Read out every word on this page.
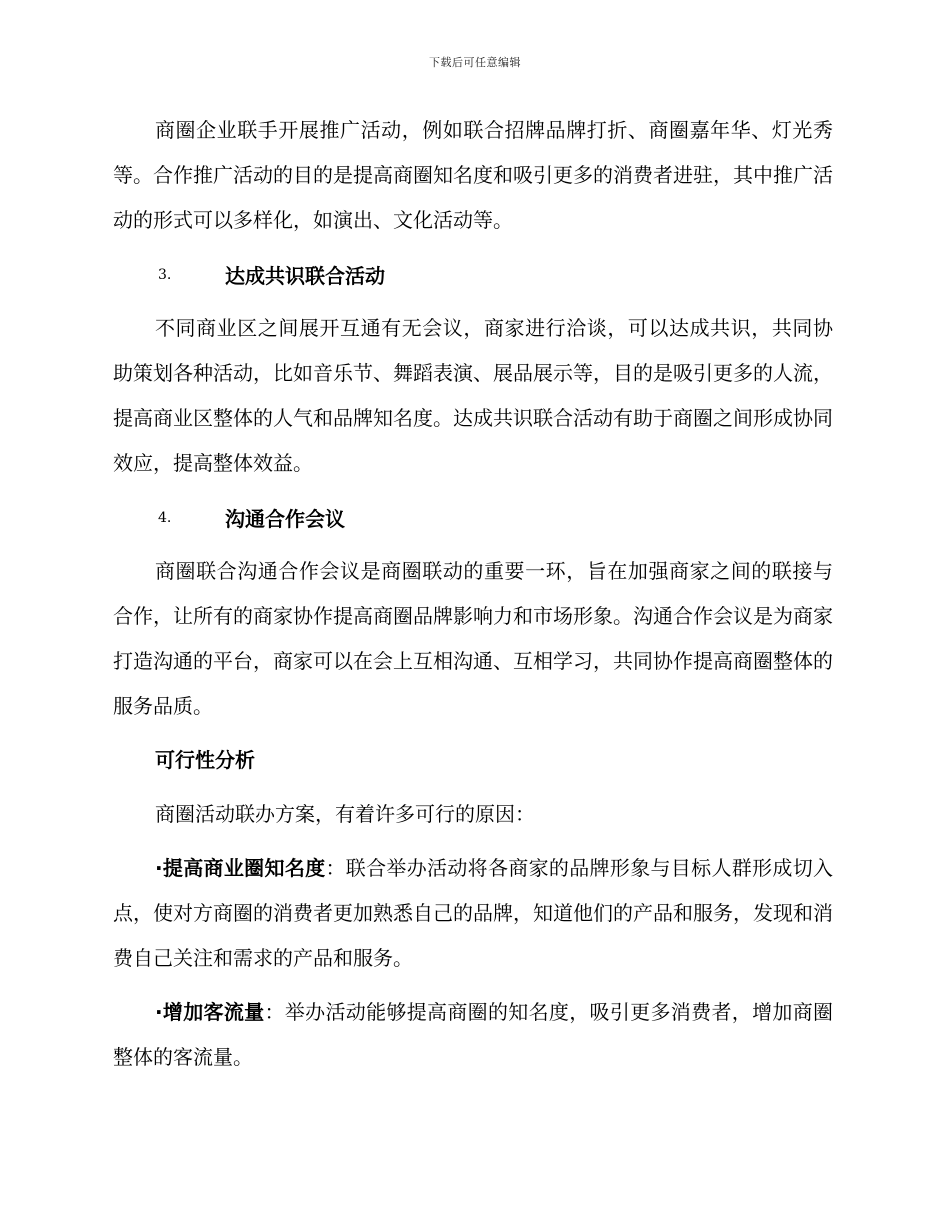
下载后可任意编辑

商圈企业联手开展推广活动，例如联合招牌品牌打折、商圈嘉年华、灯光秀等。合作推广活动的目的是提高商圈知名度和吸引更多的消费者进驻，其中推广活动的形式可以多样化，如演出、文化活动等。

3.	达成共识联合活动

不同商业区之间展开互通有无会议，商家进行洽谈，可以达成共识，共同协助策划各种活动，比如音乐节、舞蹈表演、展品展示等，目的是吸引更多的人流，提高商业区整体的人气和品牌知名度。达成共识联合活动有助于商圈之间形成协同效应，提高整体效益。

4.	沟通合作会议

商圈联合沟通合作会议是商圈联动的重要一环，旨在加强商家之间的联接与合作，让所有的商家协作提高商圈品牌影响力和市场形象。沟通合作会议是为商家打造沟通的平台，商家可以在会上互相沟通、互相学习，共同协作提高商圈整体的服务品质。

可行性分析

商圈活动联办方案，有着许多可行的原因：

·提高商业圈知名度：联合举办活动将各商家的品牌形象与目标人群形成切入点，使对方商圈的消费者更加熟悉自己的品牌，知道他们的产品和服务，发现和消费自己关注和需求的产品和服务。

·增加客流量：举办活动能够提高商圈的知名度，吸引更多消费者，增加商圈整体的客流量。
